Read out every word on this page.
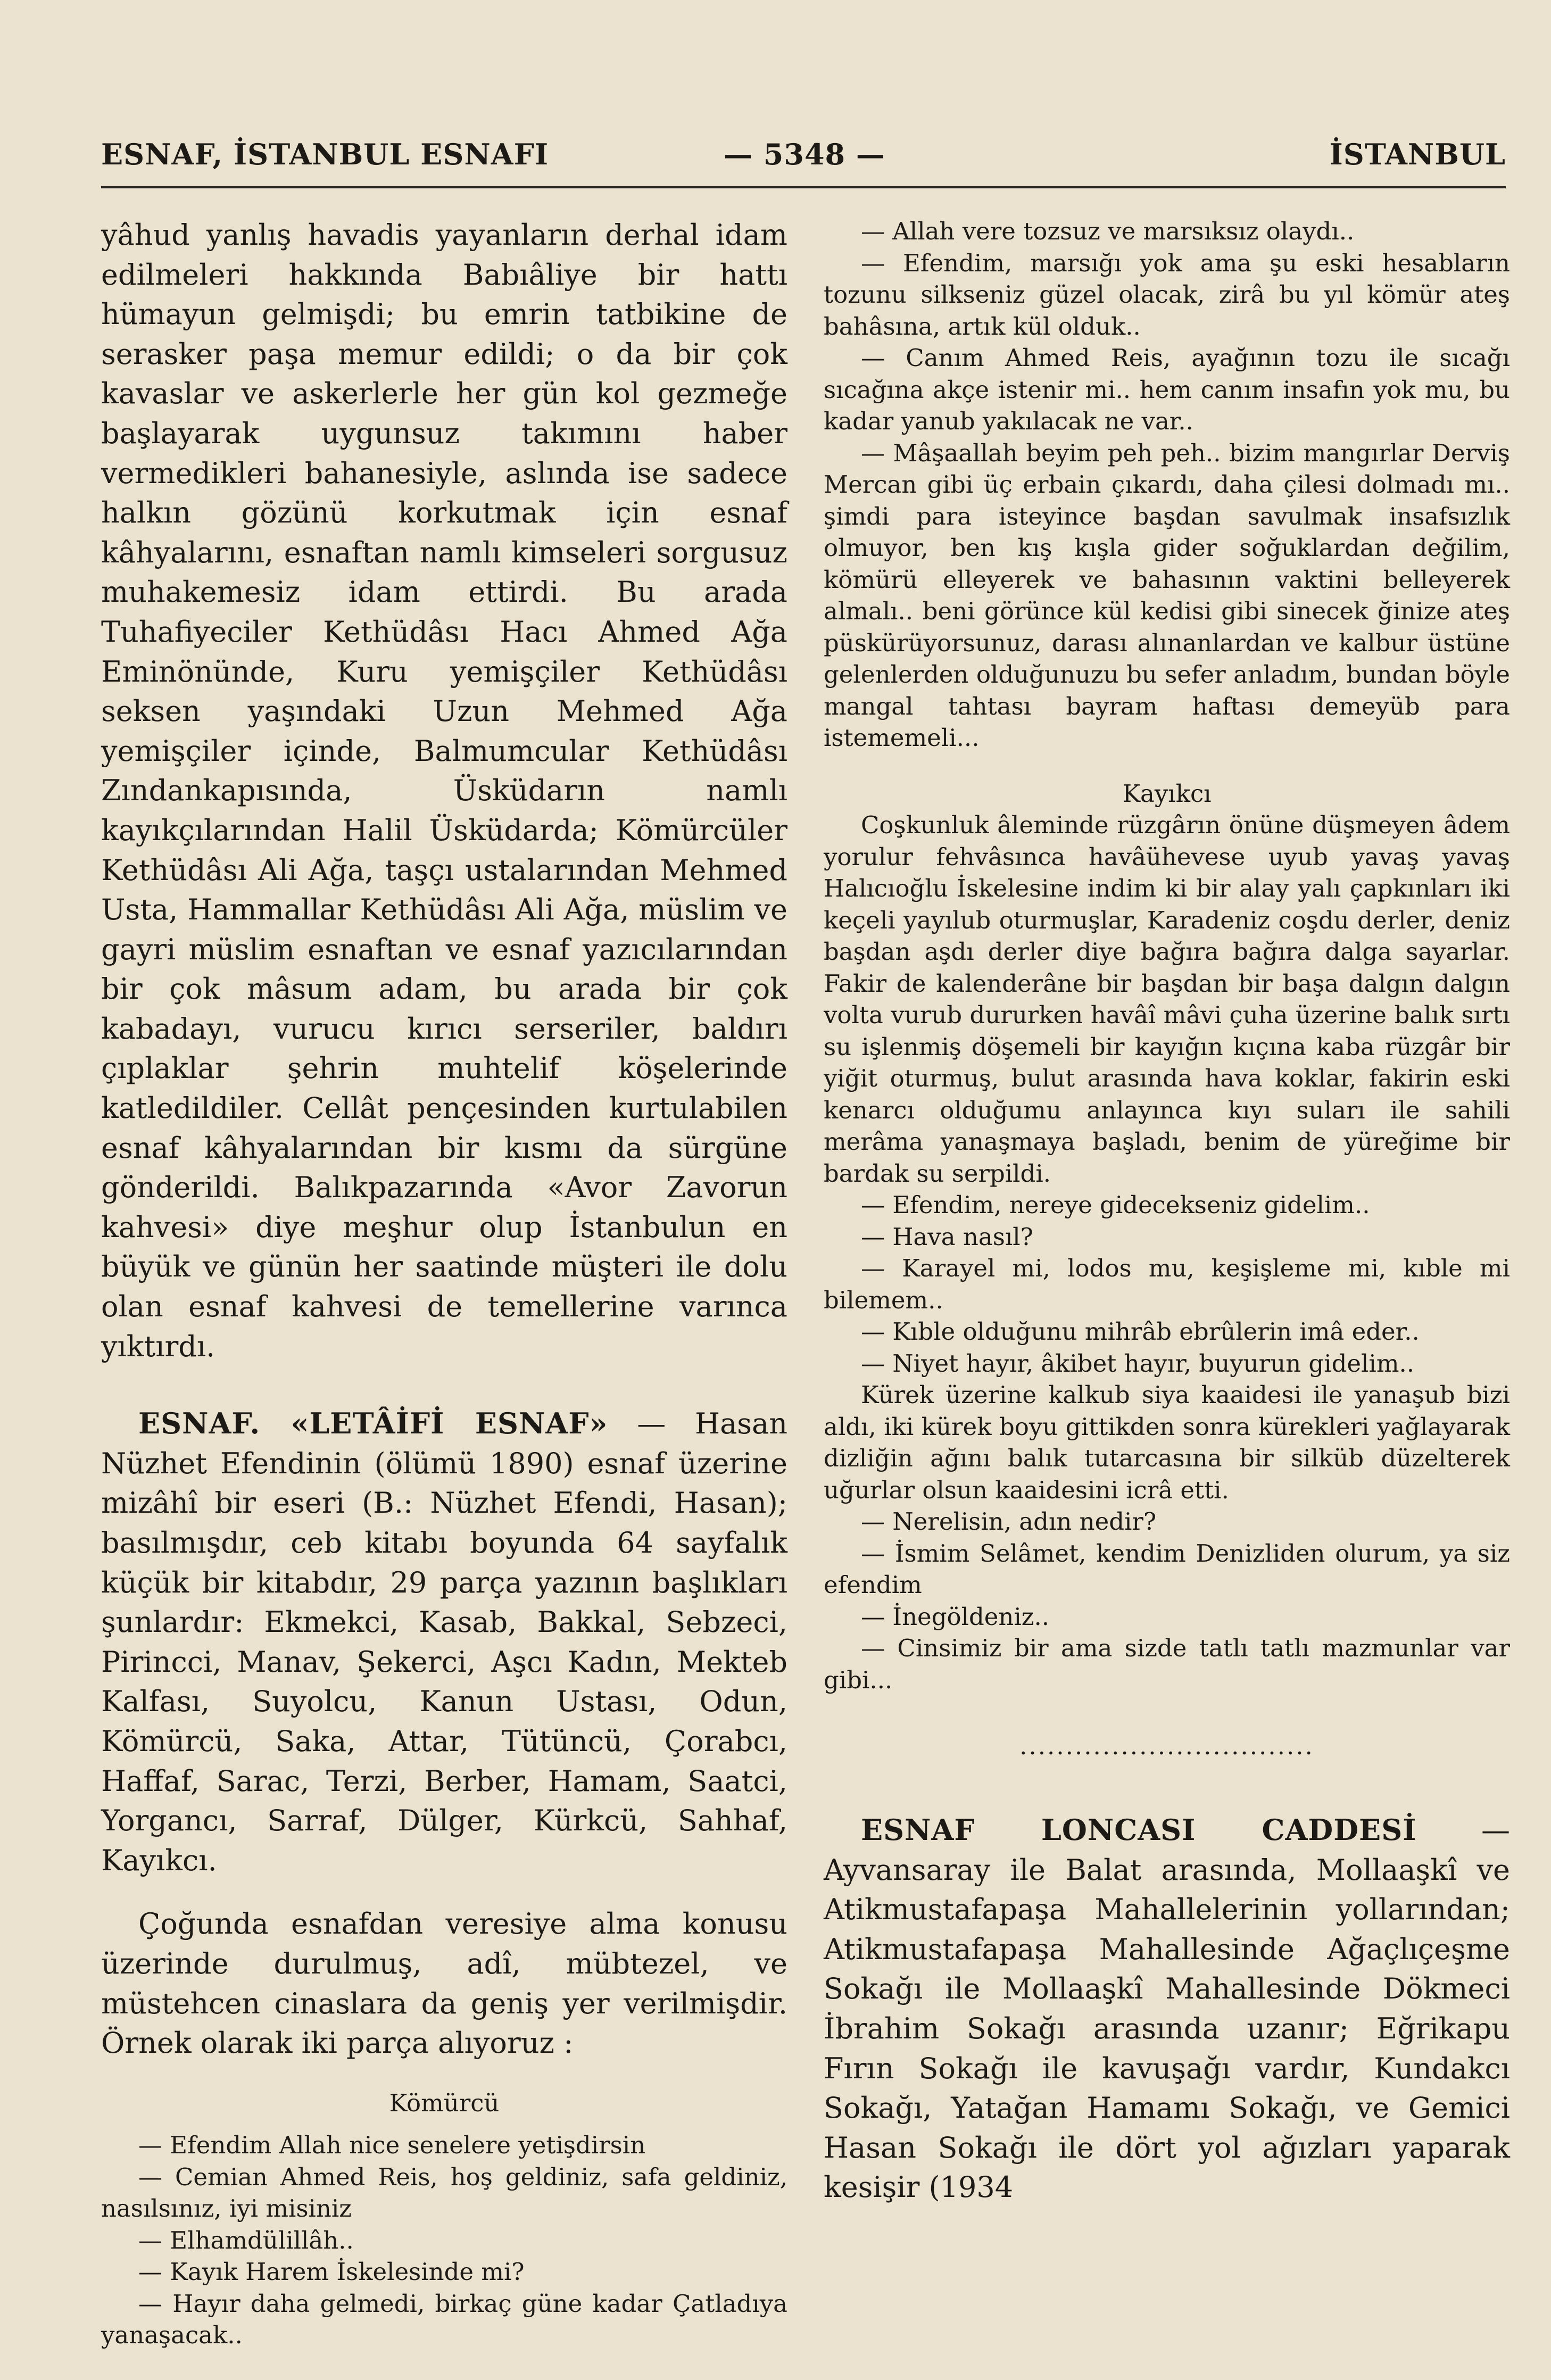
ESNAF, İSTANBUL ESNAFI	— 5348 —	İSTANBUL

yâhud yanlış havadis yayanların derhal idam edilmeleri hakkında Babıâliye bir hattı hümayun gelmişdi; bu emrin tatbikine de serasker paşa memur edildi; o da bir çok kavaslar ve askerlerle her gün kol gezmeğe başlayarak uygunsuz takımını haber vermedikleri bahanesiyle, aslında ise sadece halkın gözünü korkutmak için esnaf kâhyalarını, esnaftan namlı kimseleri sorgusuz muhakemesiz idam ettirdi. Bu arada Tuhafiyeciler Kethüdâsı Hacı Ahmed Ağa Eminönünde, Kuru yemişçiler Kethüdâsı seksen yaşındaki Uzun Mehmed Ağa yemişçiler içinde, Balmumcular Kethüdâsı Zındankapısında, Üsküdarın namlı kayıkçılarından Halil Üsküdarda; Kömürcüler Kethüdâsı Ali Ağa, taşçı ustalarından Mehmed Usta, Hammallar Kethüdâsı Ali Ağa, müslim ve gayri müslim esnaftan ve esnaf yazıcılarından bir çok mâsum adam, bu arada bir çok kabadayı, vurucu kırıcı serseriler, baldırı çıplaklar şehrin muhtelif köşelerinde katledildiler. Cellât pençesinden kurtulabilen esnaf kâhyalarından bir kısmı da sürgüne gönderildi. Balıkpazarında «Avor Zavorun kahvesi» diye meşhur olup İstanbulun en büyük ve günün her saatinde müşteri ile dolu olan esnaf kahvesi de temellerine varınca yıktırdı.

ESNAF. «LETÂİFİ ESNAF» — Hasan Nüzhet Efendinin (ölümü 1890) esnaf üzerine mizâhî bir eseri (B.: Nüzhet Efendi, Hasan); basılmışdır, ceb kitabı boyunda 64 sayfalık küçük bir kitabdır, 29 parça yazının başlıkları şunlardır: Ekmekci, Kasab, Bakkal, Sebzeci, Pirincci, Manav, Şekerci, Aşcı Kadın, Mekteb Kalfası, Suyolcu, Kanun Ustası, Odun, Kömürcü, Saka, Attar, Tütüncü, Çorabcı, Haffaf, Sarac, Terzi, Berber, Hamam, Saatci, Yorgancı, Sarraf, Dülger, Kürkcü, Sahhaf, Kayıkcı.

Çoğunda esnafdan veresiye alma konusu üzerinde durulmuş, adî, mübtezel, ve müstehcen cinaslara da geniş yer verilmişdir. Örnek olarak iki parça alıyoruz :

Kömürcü

— Efendim Allah nice senelere yetişdirsin

— Cemian Ahmed Reis, hoş geldiniz, safa geldiniz, nasılsınız, iyi misiniz

— Elhamdülillâh..

— Kayık Harem İskelesinde mi?

— Hayır daha gelmedi, birkaç güne kadar Çatladıya yanaşacak..

— Allah vere tozsuz ve marsıksız olaydı..

— Efendim, marsığı yok ama şu eski hesabların tozunu silkseniz güzel olacak, zirâ bu yıl kömür ateş bahâsına, artık kül olduk..

— Canım Ahmed Reis, ayağının tozu ile sıcağı sıcağına akçe istenir mi.. hem canım insafın yok mu, bu kadar yanub yakılacak ne var..

— Mâşaallah beyim peh peh.. bizim mangırlar Derviş Mercan gibi üç erbain çıkardı, daha çilesi dolmadı mı.. şimdi para isteyince başdan savulmak insafsızlık olmuyor, ben kış kışla gider soğuklardan değilim, kömürü elleyerek ve bahasının vaktini belleyerek almalı.. beni görünce kül kedisi gibi sinecek ğinize ateş püskürüyorsunuz, darası alınanlardan ve kalbur üstüne gelenlerden olduğunuzu bu sefer anladım, bundan böyle mangal tahtası bayram haftası demeyüb para istememeli...

Kayıkcı

Coşkunluk âleminde rüzgârın önüne düşmeyen âdem yorulur fehvâsınca havâühevese uyub yavaş yavaş Halıcıoğlu İskelesine indim ki bir alay yalı çapkınları iki keçeli yayılub oturmuşlar, Karadeniz coşdu derler, deniz başdan aşdı derler diye bağıra bağıra dalga sayarlar. Fakir de kalenderâne bir başdan bir başa dalgın dalgın volta vurub dururken havâî mâvi çuha üzerine balık sırtı su işlenmiş döşemeli bir kayığın kıçına kaba rüzgâr bir yiğit oturmuş, bulut arasında hava koklar, fakirin eski kenarcı olduğumu anlayınca kıyı suları ile sahili merâma yanaşmaya başladı, benim de yüreğime bir bardak su serpildi.

— Efendim, nereye gidecekseniz gidelim..

— Hava nasıl?

— Karayel mi, lodos mu, keşişleme mi, kıble mi bilemem..

— Kıble olduğunu mihrâb ebrûlerin imâ eder..

— Niyet hayır, âkibet hayır, buyurun gidelim..

Kürek üzerine kalkub siya kaaidesi ile yanaşub bizi aldı, iki kürek boyu gittikden sonra kürekleri yağlayarak dizliğin ağını balık tutarcasına bir silküb düzelterek uğurlar olsun kaaidesini icrâ etti.

— Nerelisin, adın nedir?

— İsmim Selâmet, kendim Denizliden olurum, ya siz efendim

— İnegöldeniz..

— Cinsimiz bir ama sizde tatlı tatlı mazmunlar var gibi...

................................

ESNAF LONCASI CADDESİ — Ayvansaray ile Balat arasında, Mollaaşkî ve Atikmustafapaşa Mahallelerinin yollarından; Atikmustafapaşa Mahallesinde Ağaçlıçeşme Sokağı ile Mollaaşkî Mahallesinde Dökmeci İbrahim Sokağı arasında uzanır; Eğrikapu Fırın Sokağı ile kavuşağı vardır, Kundakcı Sokağı, Yatağan Hamamı Sokağı, ve Gemici Hasan Sokağı ile dört yol ağızları yaparak kesişir (1934
